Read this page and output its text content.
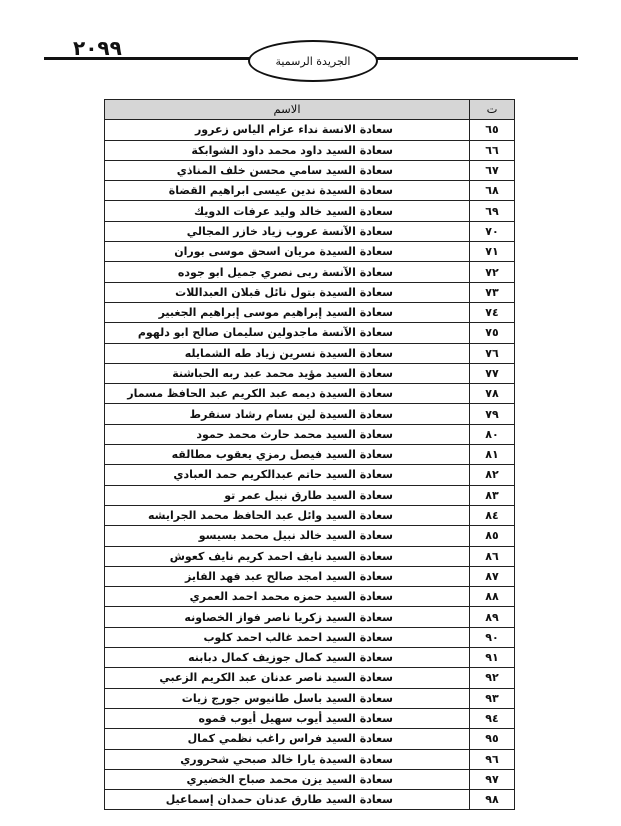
٢٠٩٩
الجريدة الرسمية
ت	الاسم
٦٥	سعادة الانسة نداء عزام الياس زعرور
٦٦	سعادة السيد داود محمد داود الشوابكة
٦٧	سعادة السيد سامي محسن خلف المناذي
٦٨	سعادة السيدة ندين عيسى ابراهيم القضاة
٦٩	سعادة السيد خالد وليد عرفات الدويك
٧٠	سعادة الآنسة عروب زياد خازر المجالي
٧١	سعادة السيدة مريان اسحق موسى بوران
٧٢	سعادة الآنسة ربى نصري جميل ابو جوده
٧٣	سعادة السيدة بتول نائل قبلان العبداللات
٧٤	سعادة السيد إبراهيم موسى إبراهيم الجغبير
٧٥	سعادة الآنسة ماجدولين سليمان صالح ابو دلهوم
٧٦	سعادة السيدة نسرين زياد طه الشمايله
٧٧	سعادة السيد مؤيد محمد عبد ربه الحباشنة
٧٨	سعادة السيدة ديمه عبد الكريم عبد الحافظ مسمار
٧٩	سعادة السيدة لين بسام رشاد سنقرط
٨٠	سعادة السيد محمد حارث محمد حمود
٨١	سعادة السيد فيصل رمزي يعقوب مطالقه
٨٢	سعادة السيد حاتم عبدالكريم حمد العبادي
٨٣	سعادة السيد طارق نبيل عمر تو
٨٤	سعادة السيد وائل عبد الحافظ محمد الجرايشه
٨٥	سعادة السيد خالد نبيل محمد بسيسو
٨٦	سعادة السيد نايف احمد كريم نايف كعوش
٨٧	سعادة السيد امجد صالح عبد فهد الفايز
٨٨	سعادة السيد حمزه محمد احمد العمري
٨٩	سعادة السيد زكريا ناصر فواز الخصاونه
٩٠	سعادة السيد احمد غالب احمد كلوب
٩١	سعادة السيد كمال جوزيف كمال دبابنه
٩٢	سعادة السيد ناصر عدنان عبد الكريم الزعبي
٩٣	سعادة السيد باسل طانيوس جورج زيات
٩٤	سعادة السيد أيوب سهيل أيوب قموه
٩٥	سعادة السيد فراس راغب نظمي كمال
٩٦	سعادة السيدة يارا خالد صبحي شحروري
٩٧	سعادة السيد يزن محمد صباح الخضيري
٩٨	سعادة السيد طارق عدنان حمدان إسماعيل
